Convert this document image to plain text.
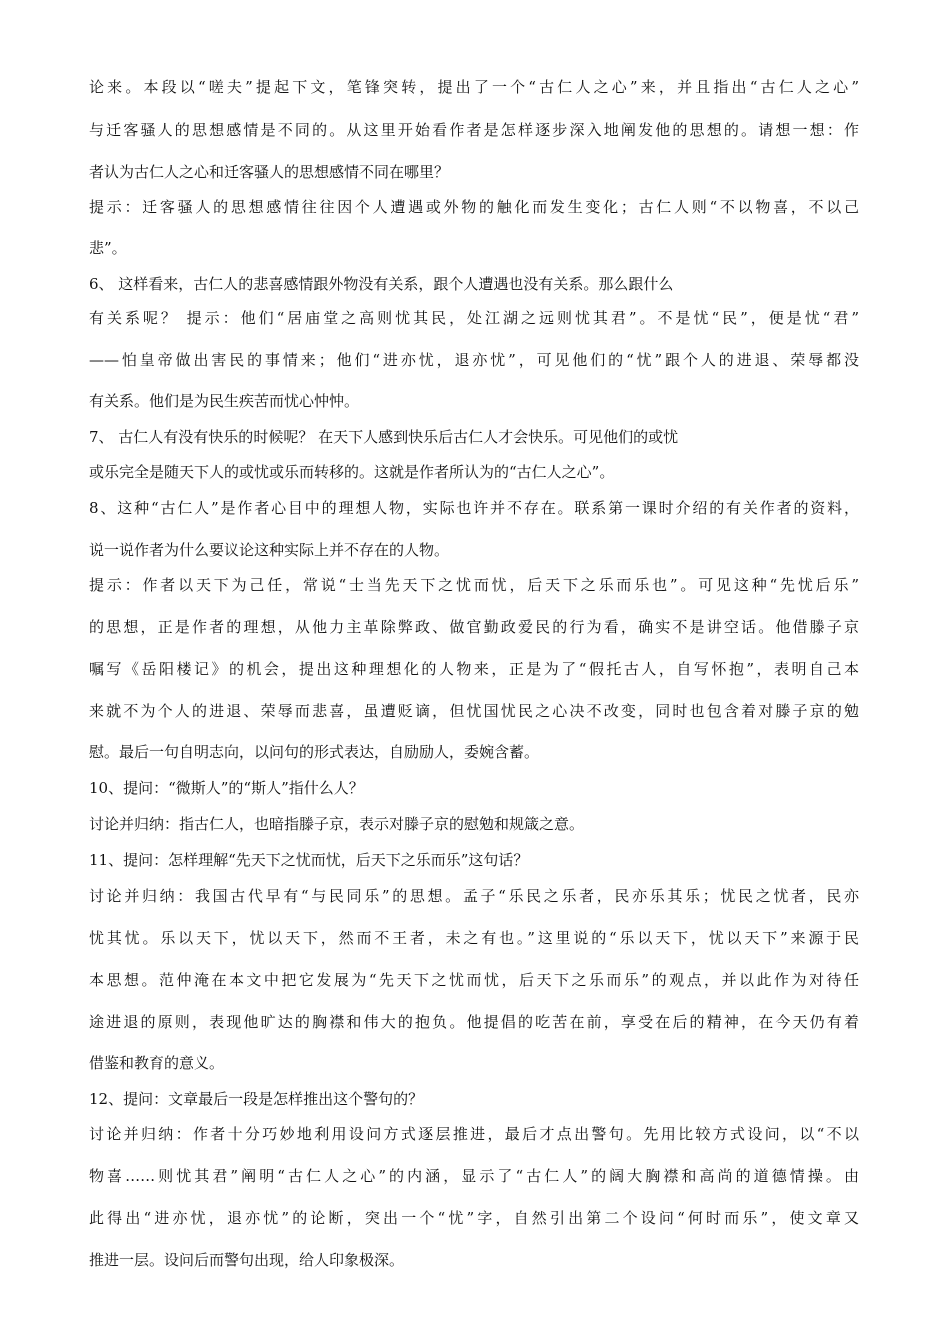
论来。本段以“嗟夫”提起下文，笔锋突转，提出了一个“古仁人之心”来，并且指出“古仁人之心”
与迁客骚人的思想感情是不同的。从这里开始看作者是怎样逐步深入地阐发他的思想的。请想一想：作
者认为古仁人之心和迁客骚人的思想感情不同在哪里？
提示：迁客骚人的思想感情往往因个人遭遇或外物的触化而发生变化；古仁人则“不以物喜，不以己
悲”。
6、 这样看来，古仁人的悲喜感情跟外物没有关系，跟个人遭遇也没有关系。那么跟什么
有关系呢？ 提示：他们“居庙堂之高则忧其民，处江湖之远则忧其君”。不是忧“民”，便是忧“君”
——怕皇帝做出害民的事情来；他们“进亦忧，退亦忧”，可见他们的“忧”跟个人的进退、荣辱都没
有关系。他们是为民生疾苦而忧心忡忡。
7、 古仁人有没有快乐的时候呢？ 在天下人感到快乐后古仁人才会快乐。可见他们的或忧
或乐完全是随天下人的或忧或乐而转移的。这就是作者所认为的“古仁人之心”。
8、这种“古仁人”是作者心目中的理想人物，实际也许并不存在。联系第一课时介绍的有关作者的资料，
说一说作者为什么要议论这种实际上并不存在的人物。
提示：作者以天下为己任，常说“士当先天下之忧而忧，后天下之乐而乐也”。可见这种“先忧后乐”
的思想，正是作者的理想，从他力主革除弊政、做官勤政爱民的行为看，确实不是讲空话。他借滕子京
嘱写《岳阳楼记》的机会，提出这种理想化的人物来，正是为了“假托古人，自写怀抱”，表明自己本
来就不为个人的进退、荣辱而悲喜，虽遭贬谪，但忧国忧民之心决不改变，同时也包含着对滕子京的勉
慰。最后一句自明志向，以问句的形式表达，自励励人，委婉含蓄。
10、提问：“微斯人”的“斯人”指什么人？
讨论并归纳：指古仁人，也暗指滕子京，表示对滕子京的慰勉和规箴之意。
11、提问：怎样理解“先天下之忧而忧，后天下之乐而乐”这句话？
讨论并归纳：我国古代早有“与民同乐”的思想。孟子“乐民之乐者，民亦乐其乐；忧民之忧者，民亦
忧其忧。乐以天下，忧以天下，然而不王者，未之有也。”这里说的“乐以天下，忧以天下”来源于民
本思想。范仲淹在本文中把它发展为“先天下之忧而忧，后天下之乐而乐”的观点，并以此作为对待任
途进退的原则，表现他旷达的胸襟和伟大的抱负。他提倡的吃苦在前，享受在后的精神，在今天仍有着
借鉴和教育的意义。
12、提问：文章最后一段是怎样推出这个警句的？
讨论并归纳：作者十分巧妙地利用设问方式逐层推进，最后才点出警句。先用比较方式设问，以“不以
物喜……则忧其君”阐明“古仁人之心”的内涵，显示了“古仁人”的阔大胸襟和高尚的道德情操。由
此得出“进亦忧，退亦忧”的论断，突出一个“忧”字，自然引出第二个设问“何时而乐”，使文章又
推进一层。设问后而警句出现，给人印象极深。
